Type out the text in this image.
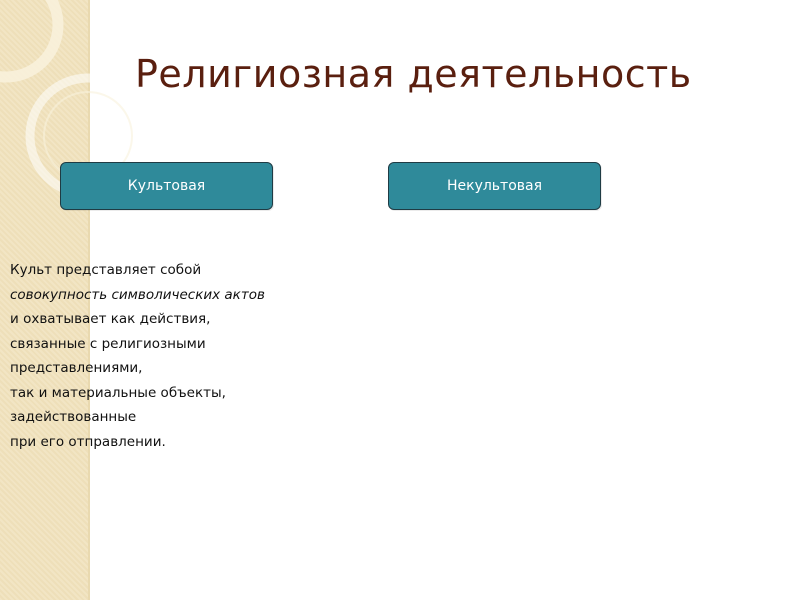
Религиозная деятельность
Культовая	Некультовая
Культ представляет собой
совокупность символических актов
и охватывает как действия,
связанные с религиозными
представлениями,
так и материальные объекты,
задействованные
при его отправлении.
